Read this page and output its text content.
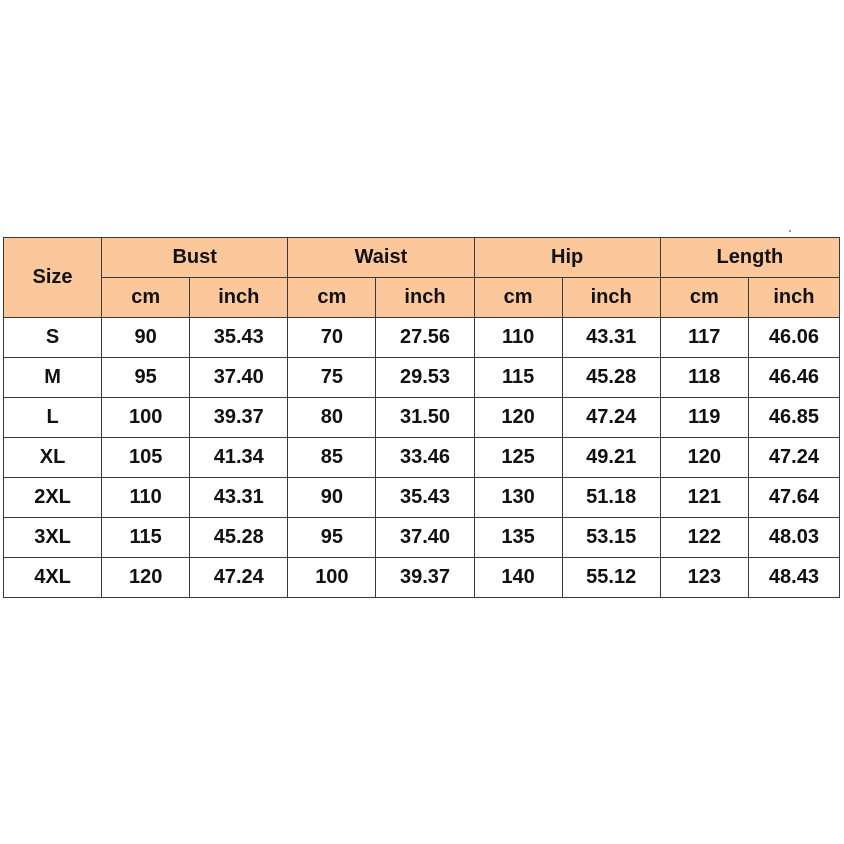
Size	Bust		Waist		Hip		Length	
	cm	inch	cm	inch	cm	inch	cm	inch
S	90	35.43	70	27.56	110	43.31	117	46.06
M	95	37.40	75	29.53	115	45.28	118	46.46
L	100	39.37	80	31.50	120	47.24	119	46.85
XL	105	41.34	85	33.46	125	49.21	120	47.24
2XL	110	43.31	90	35.43	130	51.18	121	47.64
3XL	115	45.28	95	37.40	135	53.15	122	48.03
4XL	120	47.24	100	39.37	140	55.12	123	48.43
